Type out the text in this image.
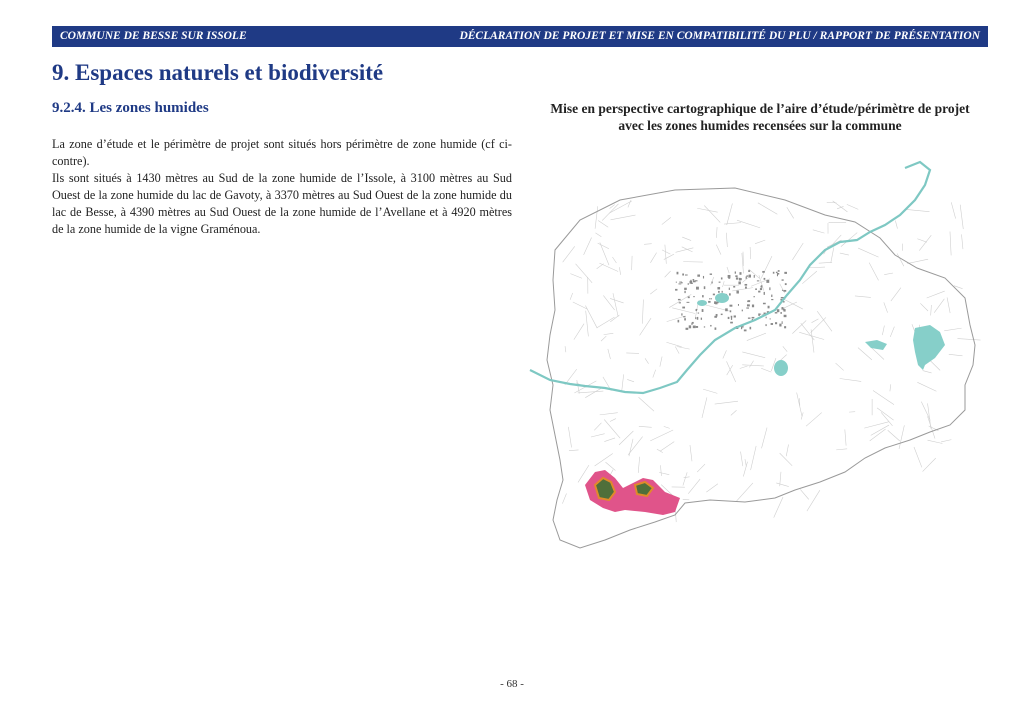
COMMUNE DE BESSE SUR ISSOLE	DÉCLARATION DE PROJET ET MISE EN COMPATIBILITÉ DU PLU / RAPPORT DE PRÉSENTATION
9. Espaces naturels et biodiversité
9.2.4. Les zones humides

La zone d’étude et le périmètre de projet sont situés hors périmètre de zone humide (cf ci-contre).

Ils sont situés à 1430 mètres au Sud de la zone humide de l’Issole, à 3100 mètres au Sud Ouest de la zone humide du lac de Gavoty, à 3370 mètres au Sud Ouest de la zone humide du lac de Besse, à 4390 mètres au Sud Ouest de la zone humide de l’Avellane et à 4920 mètres de la zone humide de la vigne Graménoua.

Mise en perspective cartographique de l’aire d’étude/périmètre de projet
avec les zones humides recensées sur la commune
- 68 -
